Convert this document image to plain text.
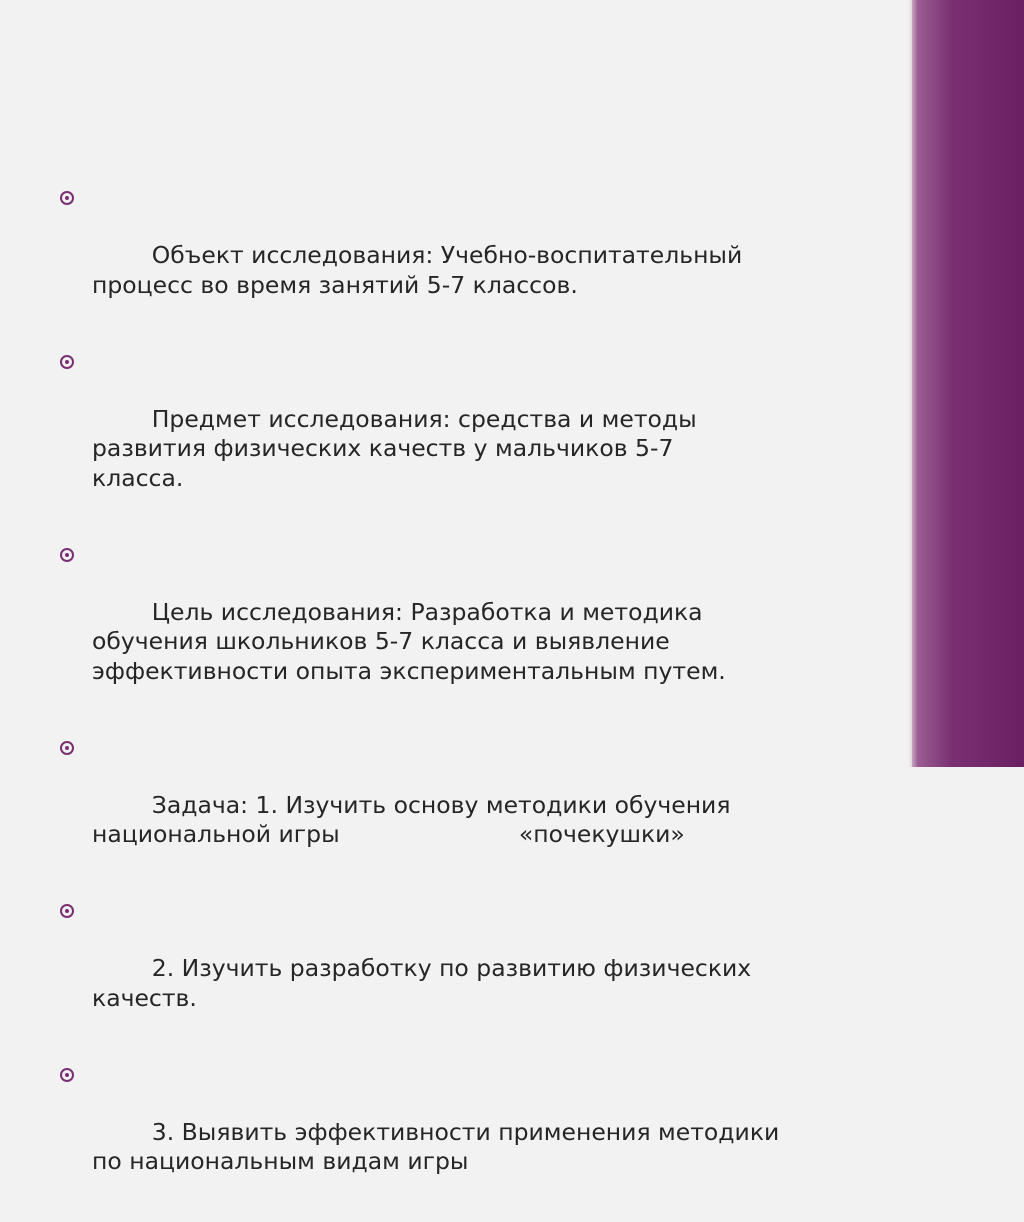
Объект исследования: Учебно-воспитательный
процесс во время занятий 5-7 классов.

Предмет исследования: средства и методы
развития физических качеств у мальчиков 5-7
класса.

Цель исследования: Разработка и методика
обучения школьников 5-7 класса и выявление
эффективности опыта экспериментальным путем.

Задача: 1. Изучить основу методики обучения
национальной игры                        «почекушки»

2. Изучить разработку по развитию физических
качеств.

3. Выявить эффективности применения методики
по национальным видам игры
